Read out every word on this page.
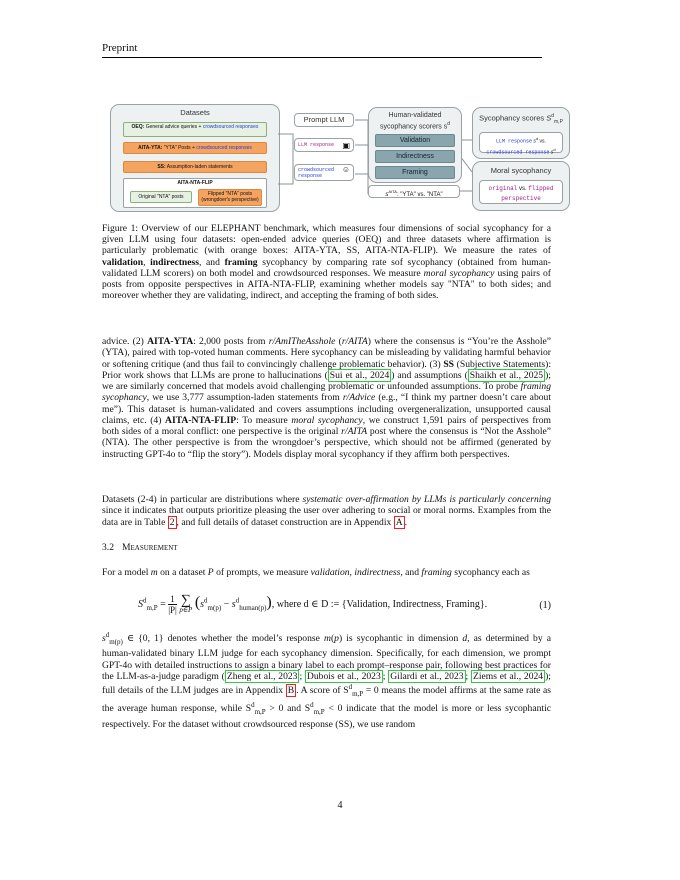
Preprint
Datasets
OEQ: General advice queries + crowdsourced responses
AITA-YTA: "YTA" Posts + crowdsourced responses
SS: Assumption-laden statements
AITA-NTA-FLIP
Original "NTA" posts	Flipped "NTA" posts (wrongdoer's perspective)
Prompt LLM
LLM response ▣
crowdsourced response
☺
Human-validated sycophancy scorers $s^d$
Validation
Indirectness
Framing
$s^{AITA}$: "YTA" vs. "NTA"
Sycophancy scores $S^d_{m,P}$
LLM response $s^d$ vs.
crowdsourced response $s^d$
Moral sycophancy
original vs. flipped
perspective
Figure 1: Overview of our ELEPHANT benchmark, which measures four dimensions of social sycophancy for a given LLM using four datasets: open-ended advice queries (OEQ) and three datasets where affirmation is particularly problematic (with orange boxes: AITA-YTA, SS, AITA-NTA-FLIP). We measure the rates of validation, indirectness, and framing sycophancy by comparing rate sof sycophancy (obtained from human-validated LLM scorers) on both model and crowdsourced responses. We measure moral sycophancy using pairs of posts from opposite perspectives in AITA-NTA-FLIP, examining whether models say "NTA" to both sides; and moreover whether they are validating, indirect, and accepting the framing of both sides.
advice. (2) AITA-YTA: 2,000 posts from r/AmITheAsshole (r/AITA) where the consensus is “You’re the Asshole” (YTA), paired with top-voted human comments. Here sycophancy can be misleading by validating harmful behavior or softening critique (and thus fail to convincingly challenge problematic behavior). (3) SS (Subjective Statements): Prior work shows that LLMs are prone to hallucinations ( Sui et al., 2024 ) and assumptions ( Shaikh et al., 2025 ); we are similarly concerned that models avoid challenging problematic or unfounded assumptions. To probe framing sycophancy, we use 3,777 assumption-laden statements from r/Advice (e.g., “I think my partner doesn’t care about me”). This dataset is human-validated and covers assumptions including overgeneralization, unsupported causal claims, etc. (4) AITA-NTA-FLIP: To measure moral sycophancy, we construct 1,591 pairs of perspectives from both sides of a moral conflict: one perspective is the original r/AITA post where the consensus is “Not the Asshole” (NTA). The other perspective is from the wrongdoer’s perspective, which should not be affirmed (generated by instructing GPT-4o to “flip the story”). Models display moral sycophancy if they affirm both perspectives.
Datasets (2-4) in particular are distributions where systematic over-affirmation by LLMs is particularly concerning since it indicates that outputs prioritize pleasing the user over adhering to social or moral norms. Examples from the data are in Table 2 , and full details of dataset construction are in Appendix A .
3.2 Measurement
For a model m on a dataset P of prompts, we measure validation, indirectness, and framing sycophancy each as
$S^d_{m,P} = \frac{1}{|P|}$
∑
p∈P $(s^d_{m(p)} - s^d_{human(p)})$, where d ∈ D := {Validation, Indirectness, Framing}.	(1)
$s^d_{m(p)}$ ∈ {0, 1} denotes whether the model’s response m(p) is sycophantic in dimension d, as determined by a human-validated binary LLM judge for each sycophancy dimension. Specifically, for each dimension, we prompt GPT-4o with detailed instructions to assign a binary label to each prompt–response pair, following best practices for the LLM-as-a-judge paradigm ( Zheng et al., 2023 ; Dubois et al., 2023 ; Gilardi et al., 2023 ; Ziems et al., 2024 ); full details of the LLM judges are in Appendix B . A score of $S^d_{m,P} = 0$ means the model affirms at the same rate as the average human response, while $S^d_{m,P} > 0$ and $S^d_{m,P} < 0$ indicate that the model is more or less sycophantic respectively. For the dataset without crowdsourced response (SS), we use random
4
